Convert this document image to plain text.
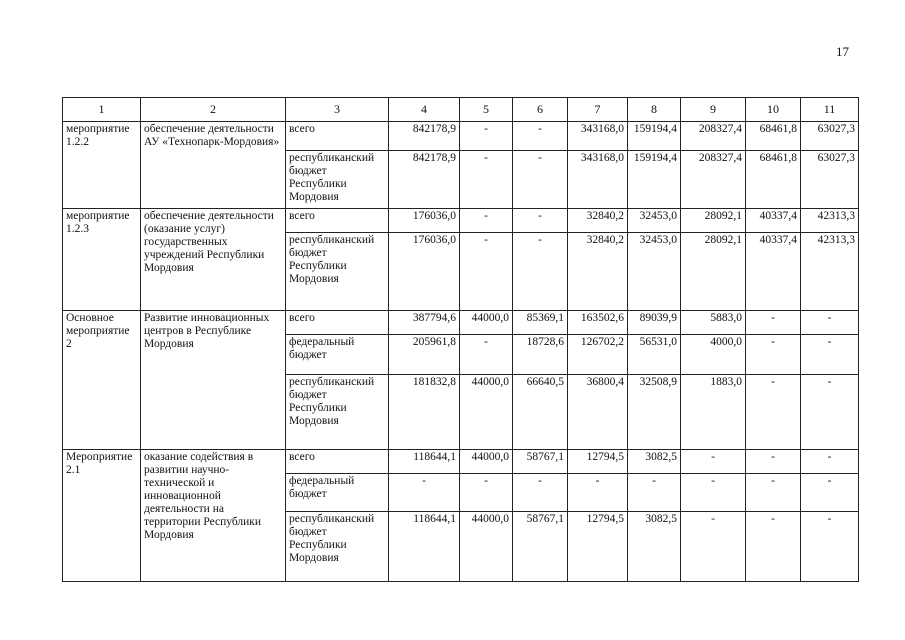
17
1	2	3	4	5	6	7	8	9	10	11
мероприятие 1.2.2	обеспечение деятельности АУ «Технопарк-Мордовия»	всего	842178,9	-	-	343168,0	159194,4	208327,4	68461,8	63027,3
		республиканский бюджет Республики Мордовия	842178,9	-	-	343168,0	159194,4	208327,4	68461,8	63027,3
мероприятие 1.2.3	обеспечение деятельности (оказание услуг) государственных учреждений Республики Мордовия	всего	176036,0	-	-	32840,2	32453,0	28092,1	40337,4	42313,3
		республиканский бюджет Республики Мордовия	176036,0	-	-	32840,2	32453,0	28092,1	40337,4	42313,3
Основное мероприятие 2	Развитие инновационных центров в Республике Мордовия	всего	387794,6	44000,0	85369,1	163502,6	89039,9	5883,0	-	-
		федеральный бюджет	205961,8	-	18728,6	126702,2	56531,0	4000,0	-	-
		республиканский бюджет Республики Мордовия	181832,8	44000,0	66640,5	36800,4	32508,9	1883,0	-	-
Мероприятие 2.1	оказание содействия в развитии научно-технической и инновационной деятельности на территории Республики Мордовия	всего	118644,1	44000,0	58767,1	12794,5	3082,5	-	-	-
		федеральный бюджет	-	-	-	-	-	-	-	-
		республиканский бюджет Республики Мордовия	118644,1	44000,0	58767,1	12794,5	3082,5	-	-	-
